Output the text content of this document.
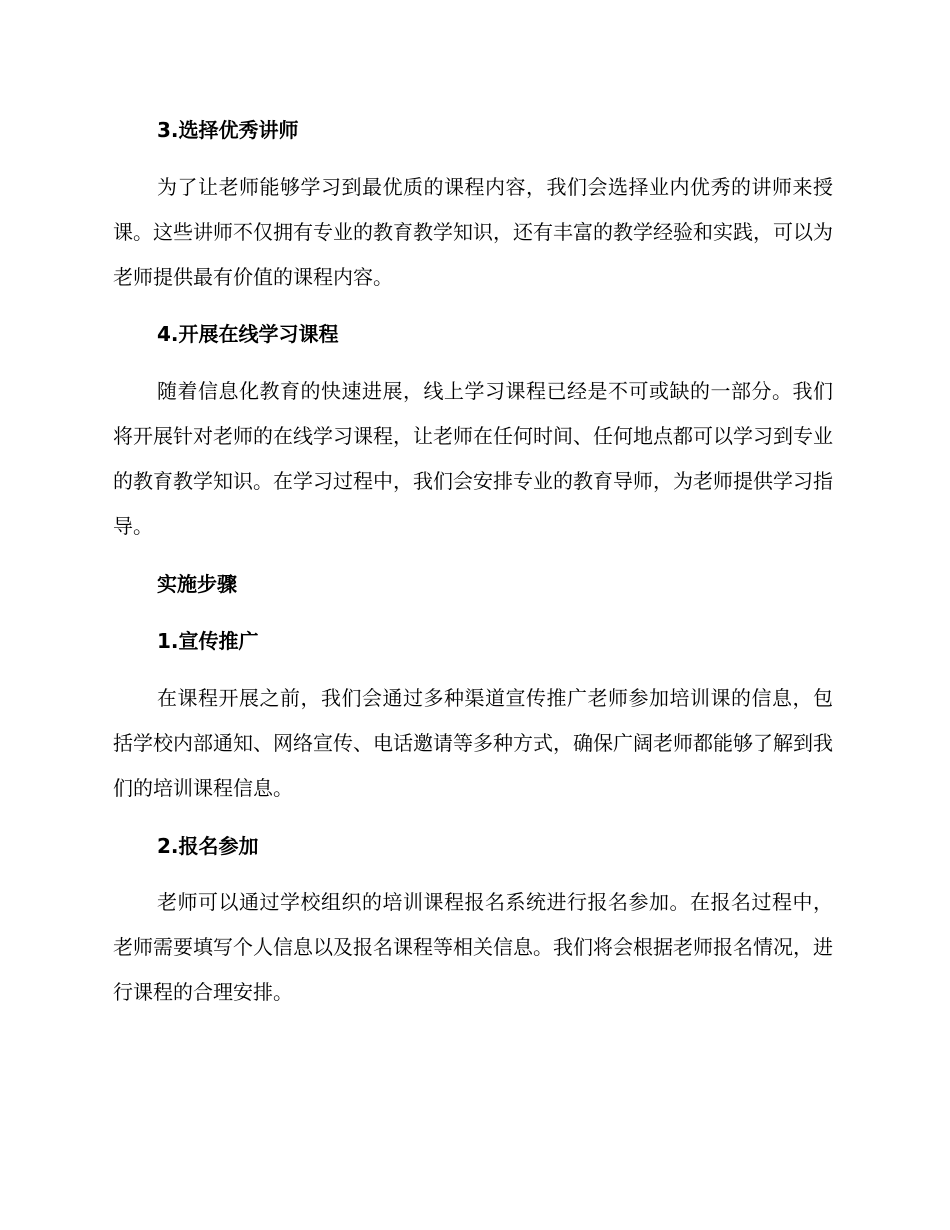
3.选择优秀讲师
为了让老师能够学习到最优质的课程内容，我们会选择业内优秀的讲师来授课。这些讲师不仅拥有专业的教育教学知识，还有丰富的教学经验和实践，可以为老师提供最有价值的课程内容。
4.开展在线学习课程
随着信息化教育的快速进展，线上学习课程已经是不可或缺的一部分。我们将开展针对老师的在线学习课程，让老师在任何时间、任何地点都可以学习到专业的教育教学知识。在学习过程中，我们会安排专业的教育导师，为老师提供学习指导。
实施步骤
1.宣传推广
在课程开展之前，我们会通过多种渠道宣传推广老师参加培训课的信息，包括学校内部通知、网络宣传、电话邀请等多种方式，确保广阔老师都能够了解到我们的培训课程信息。
2.报名参加
老师可以通过学校组织的培训课程报名系统进行报名参加。在报名过程中，老师需要填写个人信息以及报名课程等相关信息。我们将会根据老师报名情况，进行课程的合理安排。
